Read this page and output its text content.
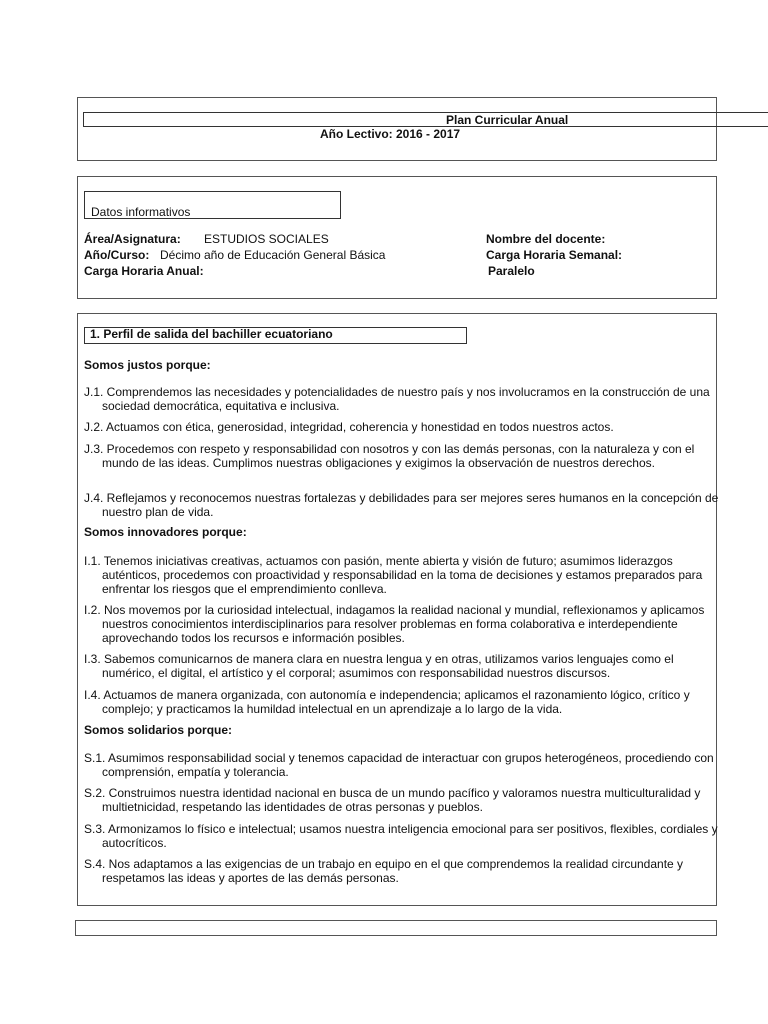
Plan Curricular Anual
Año Lectivo: 2016 - 2017
Datos informativos
Área/Asignatura: ESTUDIOS SOCIALES
Año/Curso: Décimo año de Educación General Básica
Carga Horaria Anual:
Nombre del docente:
Carga Horaria Semanal:
Paralelo
1. Perfil de salida del bachiller ecuatoriano
Somos justos porque:
J.1. Comprendemos las necesidades y potencialidades de nuestro país y nos involucramos en la construcción de una sociedad democrática, equitativa e inclusiva.
J.2. Actuamos con ética, generosidad, integridad, coherencia y honestidad en todos nuestros actos.
J.3. Procedemos con respeto y responsabilidad con nosotros y con las demás personas, con la naturaleza y con el mundo de las ideas. Cumplimos nuestras obligaciones y exigimos la observación de nuestros derechos.
J.4. Reflejamos y reconocemos nuestras fortalezas y debilidades para ser mejores seres humanos en la concepción de nuestro plan de vida.
Somos innovadores porque:
I.1. Tenemos iniciativas creativas, actuamos con pasión, mente abierta y visión de futuro; asumimos liderazgos auténticos, procedemos con proactividad y responsabilidad en la toma de decisiones y estamos preparados para enfrentar los riesgos que el emprendimiento conlleva.
I.2. Nos movemos por la curiosidad intelectual, indagamos la realidad nacional y mundial, reflexionamos y aplicamos nuestros conocimientos interdisciplinarios para resolver problemas en forma colaborativa e interdependiente aprovechando todos los recursos e información posibles.
I.3. Sabemos comunicarnos de manera clara en nuestra lengua y en otras, utilizamos varios lenguajes como el numérico, el digital, el artístico y el corporal; asumimos con responsabilidad nuestros discursos.
I.4. Actuamos de manera organizada, con autonomía e independencia; aplicamos el razonamiento lógico, crítico y complejo; y practicamos la humildad intelectual en un aprendizaje a lo largo de la vida.
Somos solidarios porque:
S.1. Asumimos responsabilidad social y tenemos capacidad de interactuar con grupos heterogéneos, procediendo con comprensión, empatía y tolerancia.
S.2. Construimos nuestra identidad nacional en busca de un mundo pacífico y valoramos nuestra multiculturalidad y multietnicidad, respetando las identidades de otras personas y pueblos.
S.3. Armonizamos lo físico e intelectual; usamos nuestra inteligencia emocional para ser positivos, flexibles, cordiales y autocríticos.
S.4. Nos adaptamos a las exigencias de un trabajo en equipo en el que comprendemos la realidad circundante y respetamos las ideas y aportes de las demás personas.
